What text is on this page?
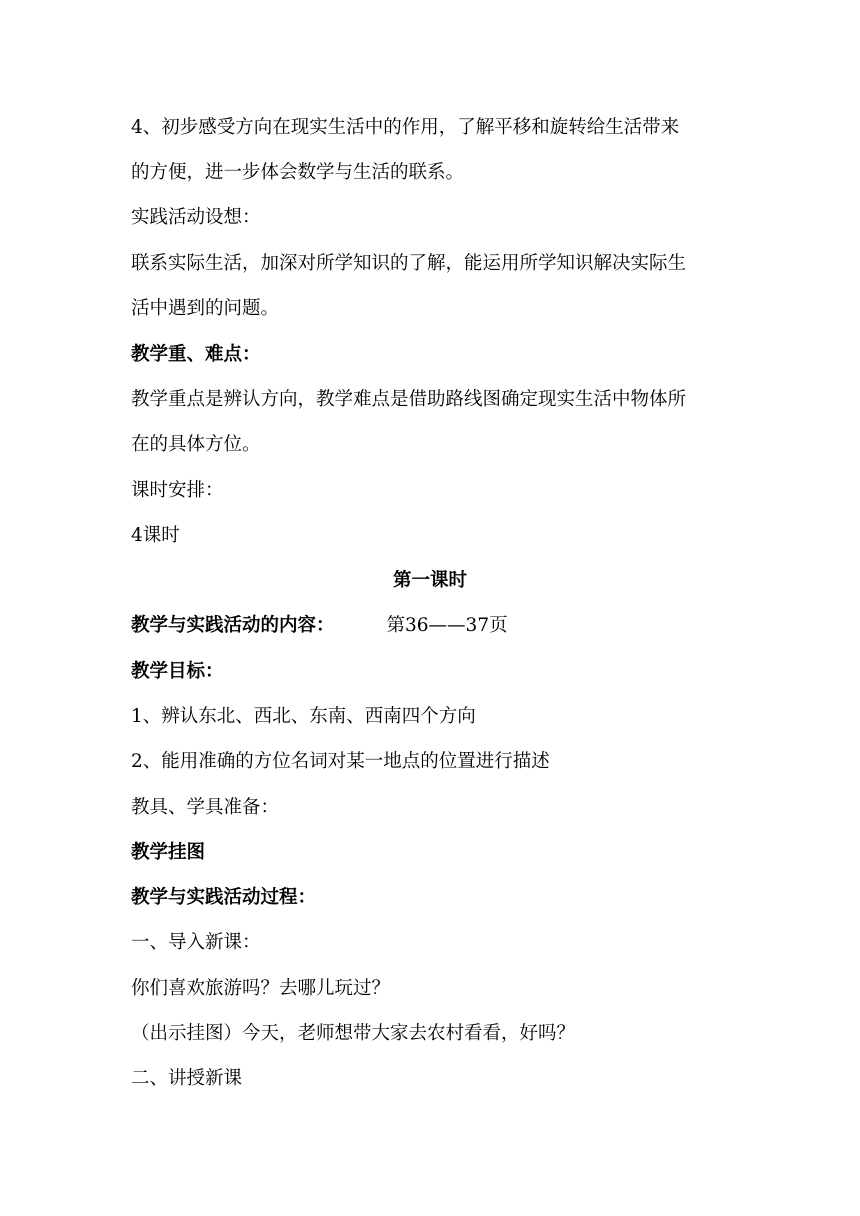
4、初步感受方向在现实生活中的作用，了解平移和旋转给生活带来
的方便，进一步体会数学与生活的联系。
实践活动设想：
联系实际生活，加深对所学知识的了解，能运用所学知识解决实际生
活中遇到的问题。
教学重、难点：
教学重点是辨认方向，教学难点是借助路线图确定现实生活中物体所
在的具体方位。
课时安排：
4课时
第一课时
教学与实践活动的内容：	第36——37页
教学目标：
1、辨认东北、西北、东南、西南四个方向
2、能用准确的方位名词对某一地点的位置进行描述
教具、学具准备：
教学挂图
教学与实践活动过程：
一、导入新课：
你们喜欢旅游吗？去哪儿玩过？
（出示挂图）今天，老师想带大家去农村看看，好吗？
二、讲授新课
